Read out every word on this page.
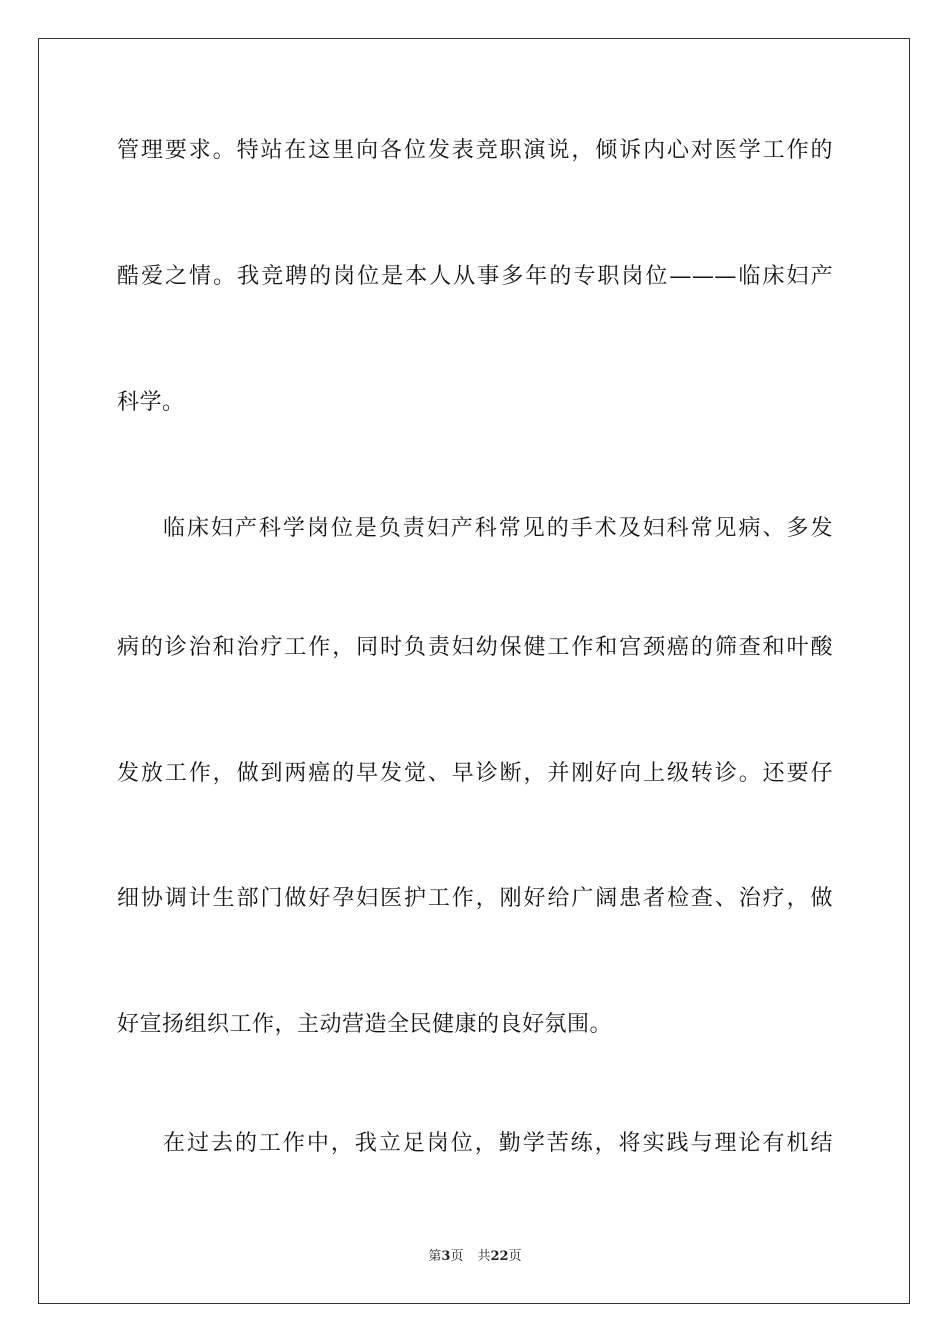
管理要求。特站在这里向各位发表竞职演说，倾诉内心对医学工作的
酷爱之情。我竞聘的岗位是本人从事多年的专职岗位———临床妇产
科学。
临床妇产科学岗位是负责妇产科常见的手术及妇科常见病、多发
病的诊治和治疗工作，同时负责妇幼保健工作和宫颈癌的筛查和叶酸
发放工作，做到两癌的早发觉、早诊断，并刚好向上级转诊。还要仔
细协调计生部门做好孕妇医护工作，刚好给广阔患者检查、治疗，做
好宣扬组织工作，主动营造全民健康的良好氛围。
在过去的工作中，我立足岗位，勤学苦练，将实践与理论有机结
第3页 共22页
